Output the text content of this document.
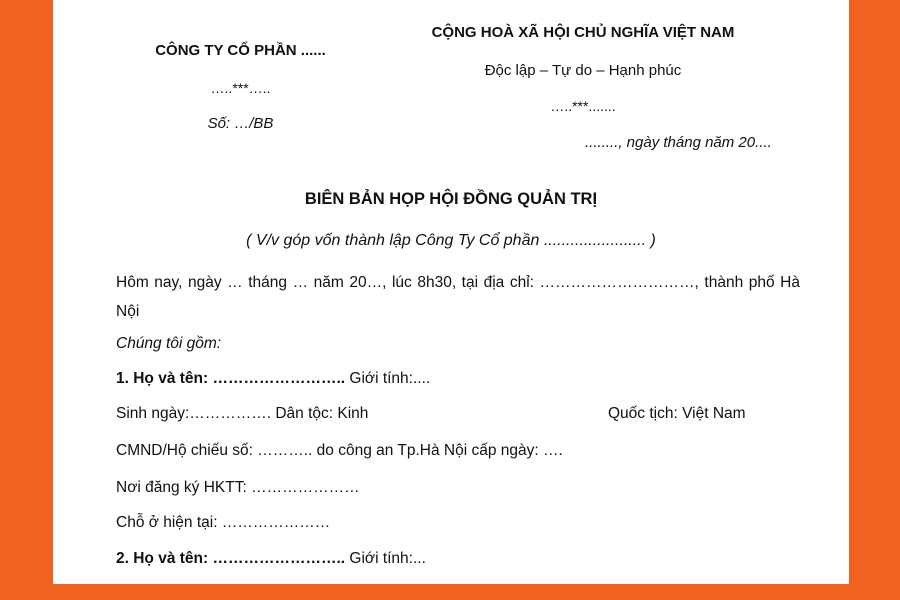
CÔNG TY CỔ PHẦN ......
…..***…..
Số: …/BB
CỘNG HOÀ XÃ HỘI CHỦ NGHĨA VIỆT NAM
Độc lập – Tự do – Hạnh phúc
…..***.......
........, ngày tháng năm 20....
BIÊN BẢN HỌP HỘI ĐỒNG QUẢN TRỊ
( V/v góp vốn thành lập Công Ty Cổ phần ....................... )
Hôm nay, ngày … tháng … năm 20…, lúc 8h30, tại địa chỉ: …………………………, thành phố Hà Nội
Chúng tôi gồm:
1. Họ và tên: …………………….. Giới tính:....
Sinh ngày:……………. Dân tộc: Kinh	Quốc tịch: Việt Nam
CMND/Hộ chiếu số: ……….. do công an Tp.Hà Nội cấp ngày: ….
Nơi đăng ký HKTT: …………………
Chỗ ở hiện tại: …………………
2. Họ và tên: …………………….. Giới tính:...
